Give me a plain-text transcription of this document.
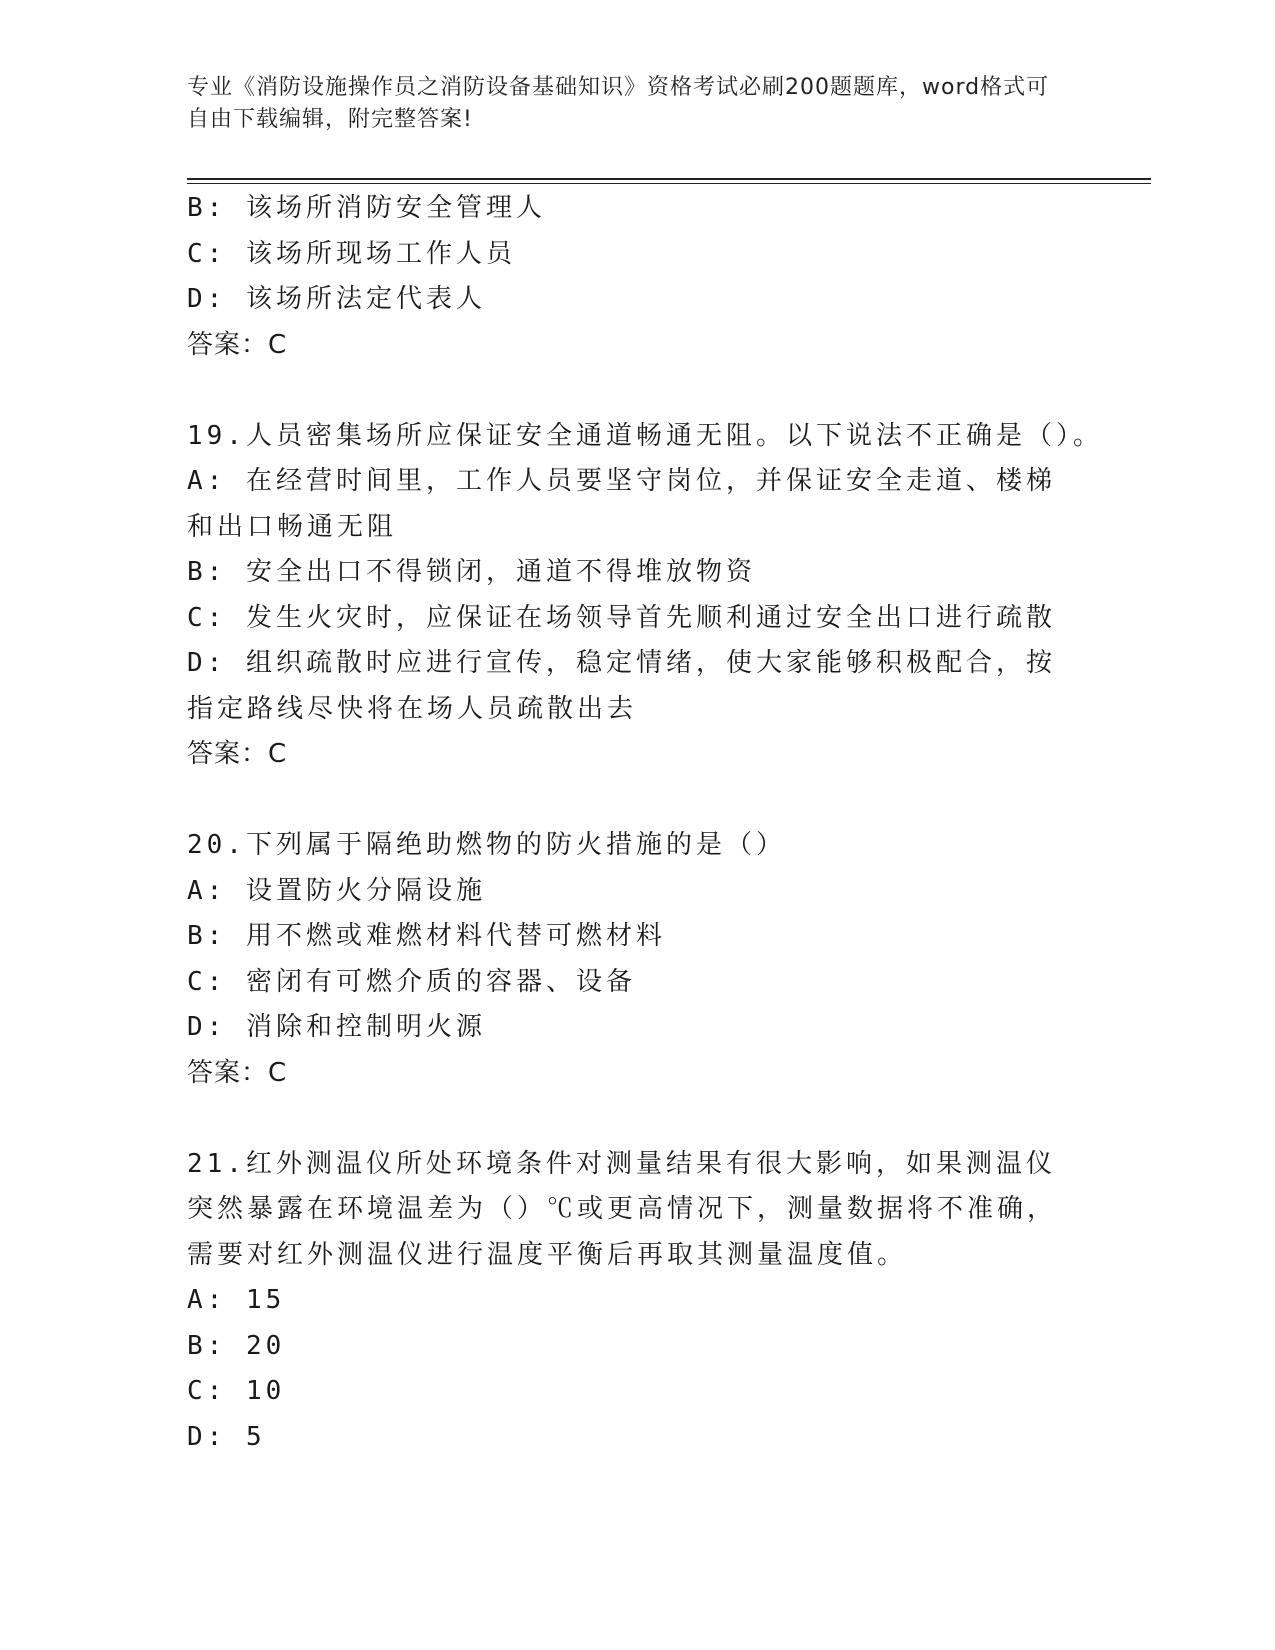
专业《消防设施操作员之消防设备基础知识》资格考试必刷200题题库，word格式可自由下载编辑，附完整答案!
B: 该场所消防安全管理人
C: 该场所现场工作人员
D: 该场所法定代表人
答案：C
19.人员密集场所应保证安全通道畅通无阻。以下说法不正确是（）。
A: 在经营时间里，工作人员要坚守岗位，并保证安全走道、楼梯和出口畅通无阻
B: 安全出口不得锁闭，通道不得堆放物资
C: 发生火灾时，应保证在场领导首先顺利通过安全出口进行疏散
D: 组织疏散时应进行宣传，稳定情绪，使大家能够积极配合，按指定路线尽快将在场人员疏散出去
答案：C
20.下列属于隔绝助燃物的防火措施的是（）
A: 设置防火分隔设施
B: 用不燃或难燃材料代替可燃材料
C: 密闭有可燃介质的容器、设备
D: 消除和控制明火源
答案：C
21.红外测温仪所处环境条件对测量结果有很大影响，如果测温仪突然暴露在环境温差为（）℃或更高情况下，测量数据将不准确，需要对红外测温仪进行温度平衡后再取其测量温度值。
A: 15
B: 20
C: 10
D: 5
